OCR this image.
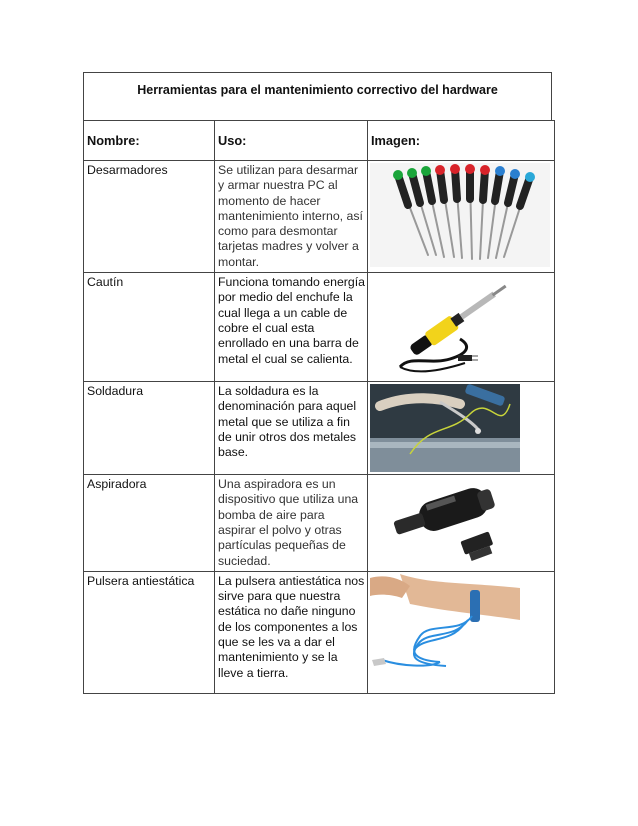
Herramientas para el mantenimiento correctivo del hardware
Nombre:	Uso:	Imagen:
Desarmadores	Se utilizan para desarmar y armar nuestra PC al momento de hacer mantenimiento interno, así como para desmontar tarjetas madres y volver a montar.	

Cautín	Funciona tomando energía por medio del enchufe la cual llega a un cable de cobre el cual esta enrollado en una barra de metal el cual se calienta.	

Soldadura	La soldadura es la denominación para aquel metal que se utiliza a fin de unir otros dos metales base.	

Aspiradora	Una aspiradora es un dispositivo que utiliza una bomba de aire para aspirar el polvo y otras partículas pequeñas de suciedad.	

Pulsera antiestática	La pulsera antiestática nos sirve para que nuestra estática no dañe ninguno de los componentes a los que se les va a dar el mantenimiento y se la lleve a tierra.	
